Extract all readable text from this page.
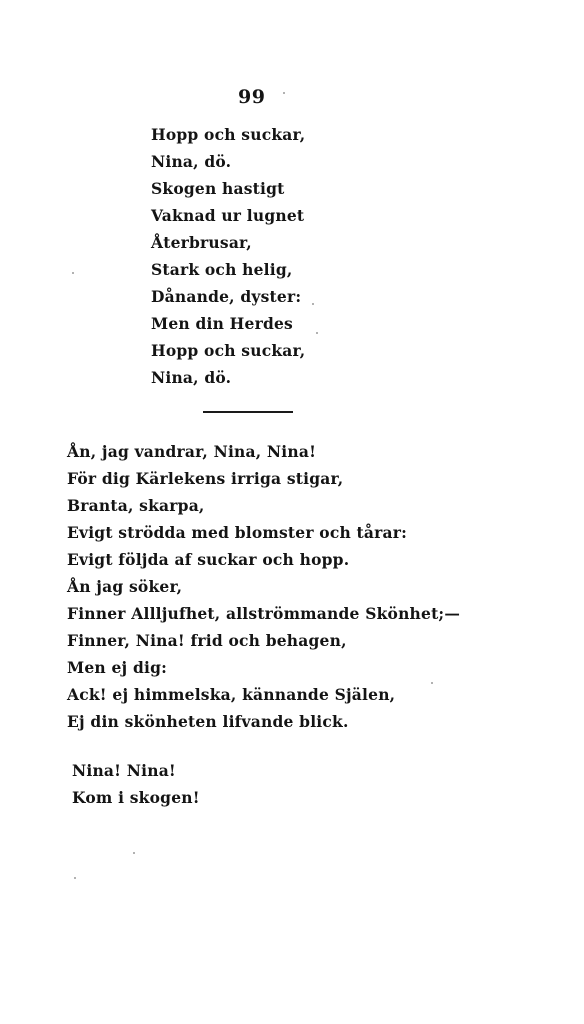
99
Hopp och suckar,
Nina, dö.
Skogen hastigt
Vaknad ur lugnet
Återbrusar,
Stark och helig,
Dånande, dyster:
Men din Herdes
Hopp och suckar,
Nina, dö.
Ån, jag vandrar, Nina, Nina!
För dig Kärlekens irriga stigar,
Branta, skarpa,
Evigt strödda med blomster och tårar:
Evigt följda af suckar och hopp.
Ån jag söker,
Finner Allljufhet, allströmmande Skönhet;—
Finner, Nina! frid och behagen,
Men ej dig:
Ack! ej himmelska, kännande Själen,
Ej din skönheten lifvande blick.
Nina! Nina!
Kom i skogen!
